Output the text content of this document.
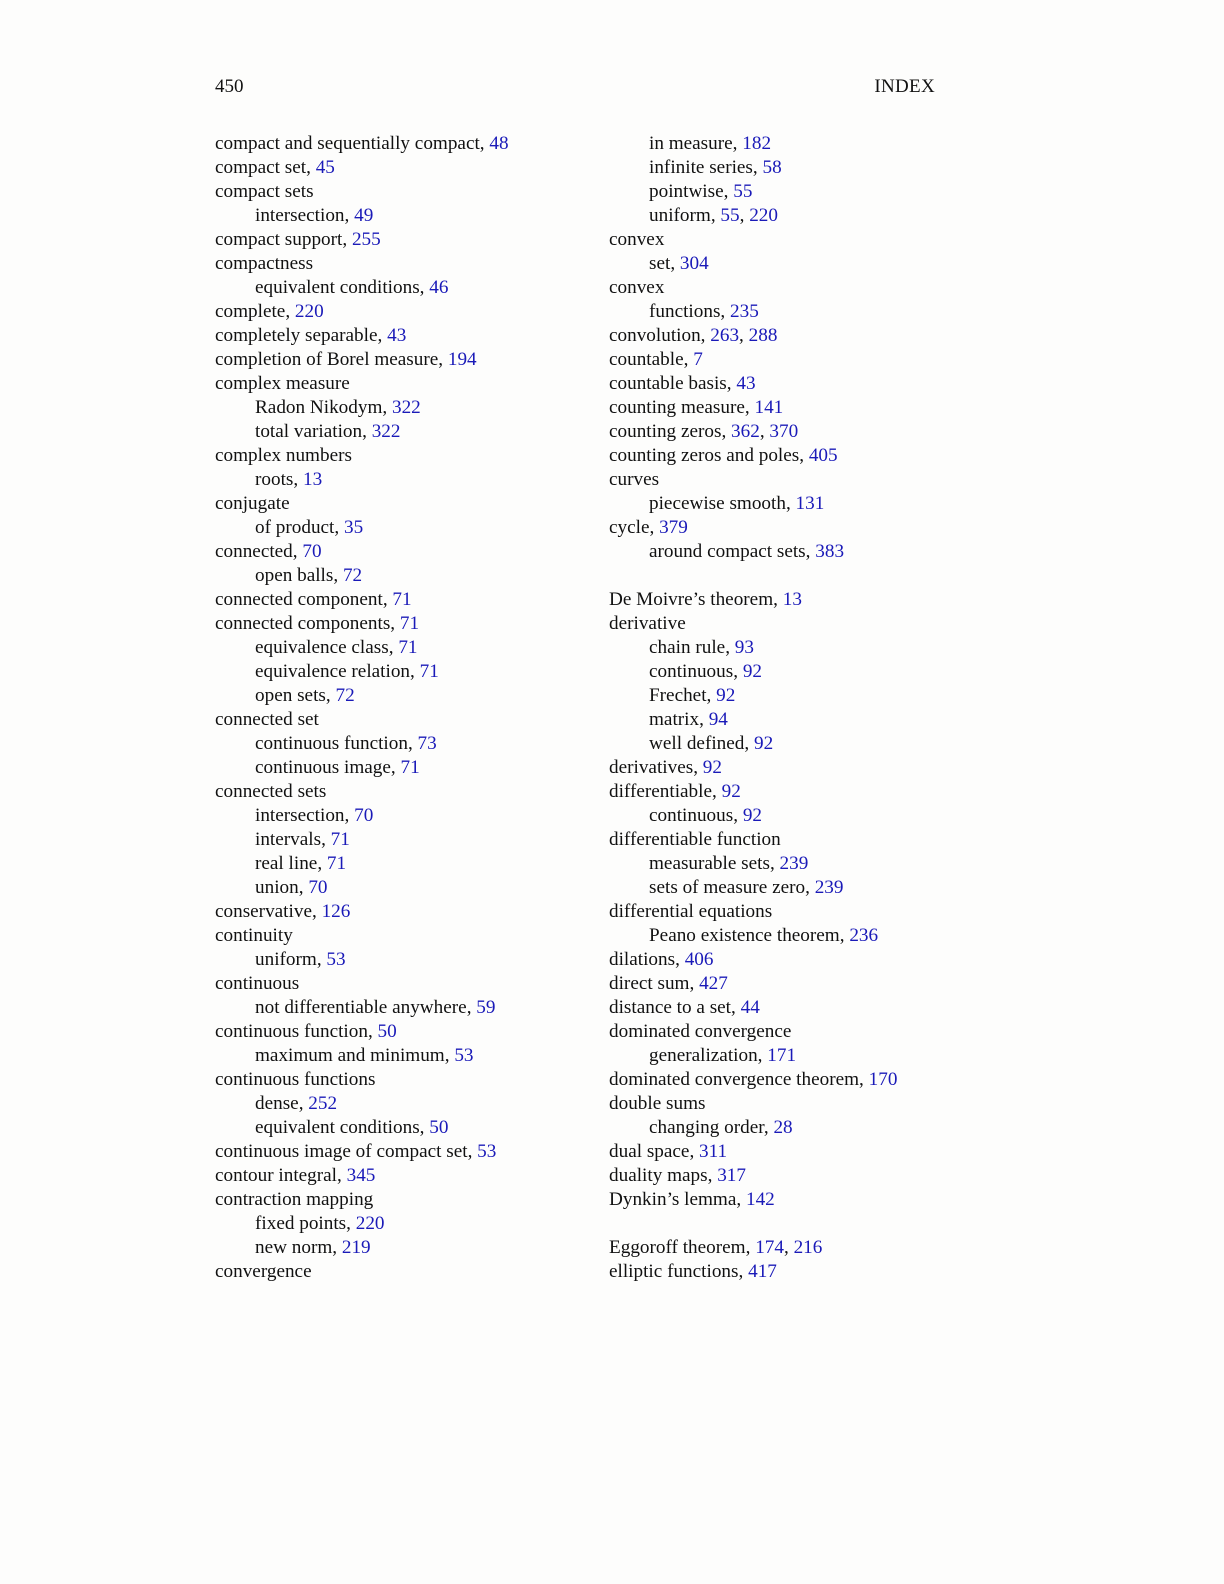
450	INDEX
compact and sequentially compact, 48
compact set, 45
compact sets
intersection, 49
compact support, 255
compactness
equivalent conditions, 46
complete, 220
completely separable, 43
completion of Borel measure, 194
complex measure
Radon Nikodym, 322
total variation, 322
complex numbers
roots, 13
conjugate
of product, 35
connected, 70
open balls, 72
connected component, 71
connected components, 71
equivalence class, 71
equivalence relation, 71
open sets, 72
connected set
continuous function, 73
continuous image, 71
connected sets
intersection, 70
intervals, 71
real line, 71
union, 70
conservative, 126
continuity
uniform, 53
continuous
not differentiable anywhere, 59
continuous function, 50
maximum and minimum, 53
continuous functions
dense, 252
equivalent conditions, 50
continuous image of compact set, 53
contour integral, 345
contraction mapping
fixed points, 220
new norm, 219
convergence
in measure, 182
infinite series, 58
pointwise, 55
uniform, 55, 220
convex
set, 304
convex
functions, 235
convolution, 263, 288
countable, 7
countable basis, 43
counting measure, 141
counting zeros, 362, 370
counting zeros and poles, 405
curves
piecewise smooth, 131
cycle, 379
around compact sets, 383
De Moivre’s theorem, 13
derivative
chain rule, 93
continuous, 92
Frechet, 92
matrix, 94
well defined, 92
derivatives, 92
differentiable, 92
continuous, 92
differentiable function
measurable sets, 239
sets of measure zero, 239
differential equations
Peano existence theorem, 236
dilations, 406
direct sum, 427
distance to a set, 44
dominated convergence
generalization, 171
dominated convergence theorem, 170
double sums
changing order, 28
dual space, 311
duality maps, 317
Dynkin’s lemma, 142
Eggoroff theorem, 174, 216
elliptic functions, 417
